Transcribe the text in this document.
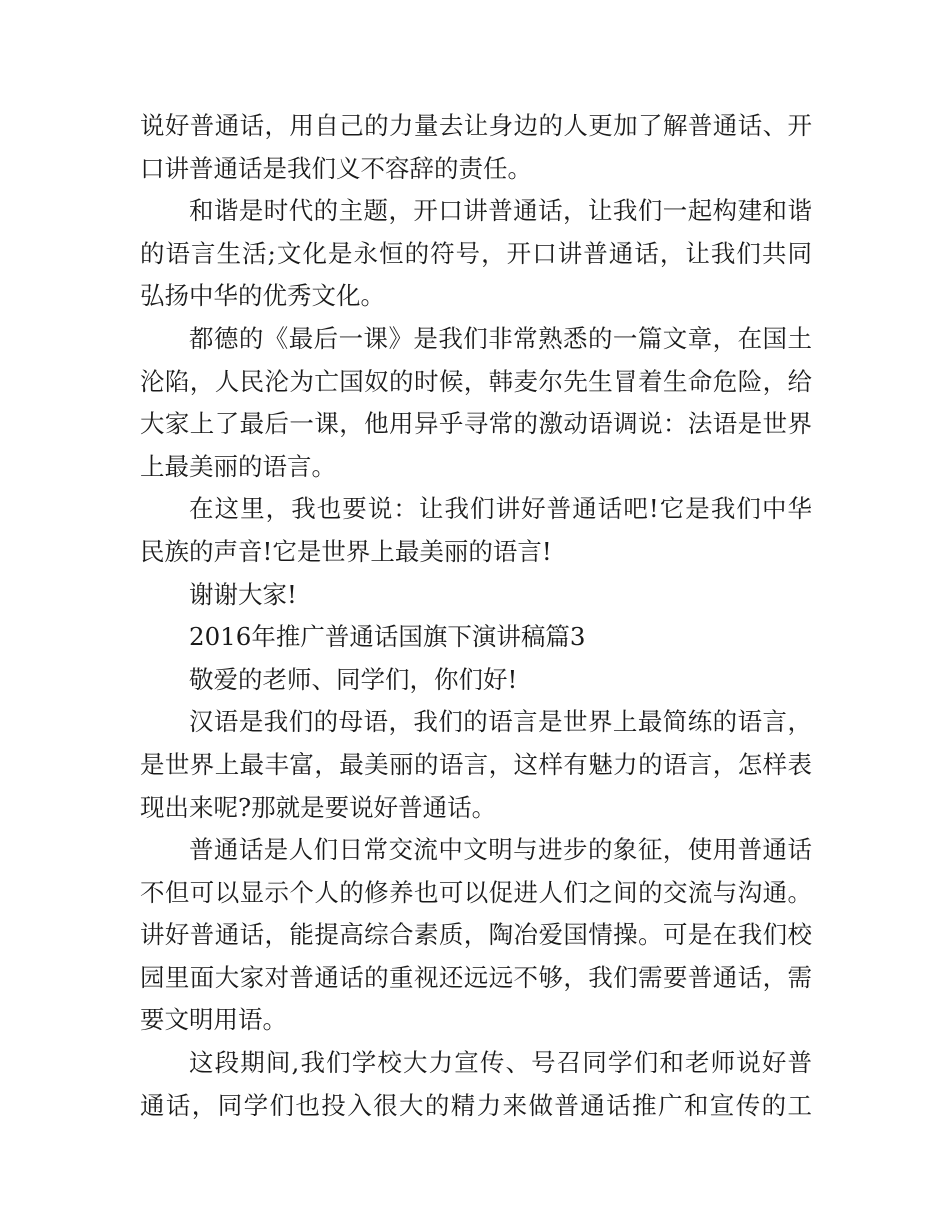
说好普通话，用自己的力量去让身边的人更加了解普通话、开
口讲普通话是我们义不容辞的责任。
和谐是时代的主题，开口讲普通话，让我们一起构建和谐
的语言生活;文化是永恒的符号，开口讲普通话，让我们共同
弘扬中华的优秀文化。
都德的《最后一课》是我们非常熟悉的一篇文章，在国土
沦陷，人民沦为亡国奴的时候，韩麦尔先生冒着生命危险，给
大家上了最后一课，他用异乎寻常的激动语调说：法语是世界
上最美丽的语言。
在这里，我也要说：让我们讲好普通话吧!它是我们中华
民族的声音!它是世界上最美丽的语言!
谢谢大家!
2016年推广普通话国旗下演讲稿篇3
敬爱的老师、同学们，你们好!
汉语是我们的母语，我们的语言是世界上最简练的语言，
是世界上最丰富，最美丽的语言，这样有魅力的语言，怎样表
现出来呢?那就是要说好普通话。
普通话是人们日常交流中文明与进步的象征，使用普通话
不但可以显示个人的修养也可以促进人们之间的交流与沟通。
讲好普通话，能提高综合素质，陶冶爱国情操。可是在我们校
园里面大家对普通话的重视还远远不够，我们需要普通话，需
要文明用语。
这段期间,我们学校大力宣传、号召同学们和老师说好普
通话，同学们也投入很大的精力来做普通话推广和宣传的工
